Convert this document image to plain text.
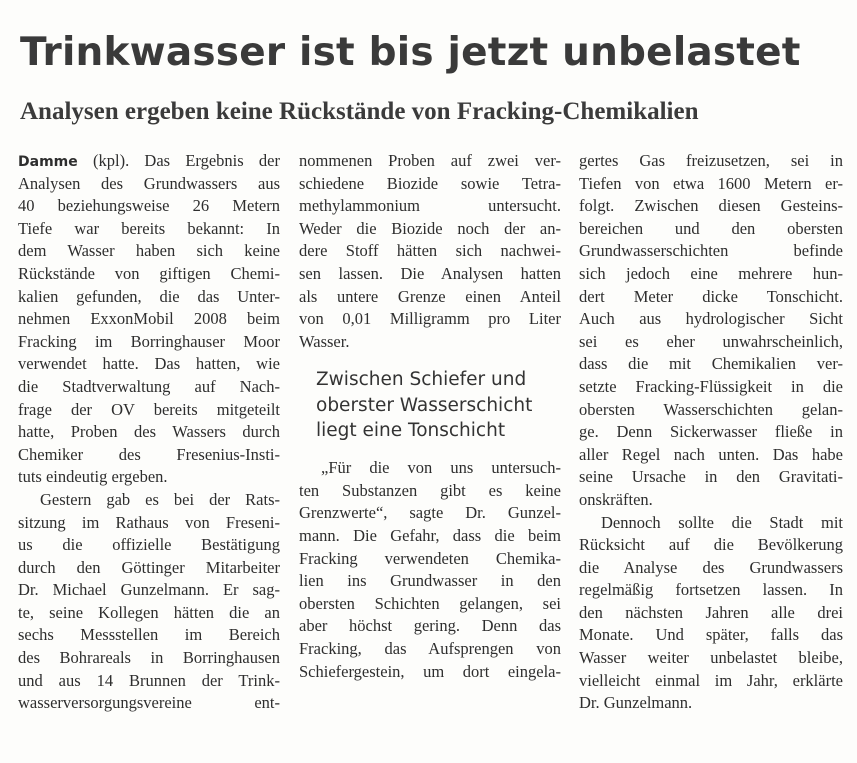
Trinkwasser ist bis jetzt unbelastet
Analysen ergeben keine Rückstände von Fracking-Chemikalien
Damme (kpl). Das Ergebnis der
Analysen des Grundwassers aus
40 beziehungsweise 26 Metern
Tiefe war bereits bekannt: In
dem Wasser haben sich keine
Rückstände von giftigen Chemi-
kalien gefunden, die das Unter-
nehmen ExxonMobil 2008 beim
Fracking im Borringhauser Moor
verwendet hatte. Das hatten, wie
die Stadtverwaltung auf Nach-
frage der OV bereits mitgeteilt
hatte, Proben des Wassers durch
Chemiker des Fresenius-Insti-
tuts eindeutig ergeben.
Gestern gab es bei der Rats-
sitzung im Rathaus von Freseni-
us die offizielle Bestätigung
durch den Göttinger Mitarbeiter
Dr. Michael Gunzelmann. Er sag-
te, seine Kollegen hätten die an
sechs Messstellen im Bereich
des Bohrareals in Borringhausen
und aus 14 Brunnen der Trink-
wasserversorgungsvereine ent-
nommenen Proben auf zwei ver-
schiedene Biozide sowie Tetra-
methylammonium untersucht.
Weder die Biozide noch der an-
dere Stoff hätten sich nachwei-
sen lassen. Die Analysen hatten
als untere Grenze einen Anteil
von 0,01 Milligramm pro Liter
Wasser.
Zwischen Schiefer und
oberster Wasserschicht
liegt eine Tonschicht
„Für die von uns untersuch-
ten Substanzen gibt es keine
Grenzwerte“, sagte Dr. Gunzel-
mann. Die Gefahr, dass die beim
Fracking verwendeten Chemika-
lien ins Grundwasser in den
obersten Schichten gelangen, sei
aber höchst gering. Denn das
Fracking, das Aufsprengen von
Schiefergestein, um dort eingela-
gertes Gas freizusetzen, sei in
Tiefen von etwa 1600 Metern er-
folgt. Zwischen diesen Gesteins-
bereichen und den obersten
Grundwasserschichten befinde
sich jedoch eine mehrere hun-
dert Meter dicke Tonschicht.
Auch aus hydrologischer Sicht
sei es eher unwahrscheinlich,
dass die mit Chemikalien ver-
setzte Fracking-Flüssigkeit in die
obersten Wasserschichten gelan-
ge. Denn Sickerwasser fließe in
aller Regel nach unten. Das habe
seine Ursache in den Gravitati-
onskräften.
Dennoch sollte die Stadt mit
Rücksicht auf die Bevölkerung
die Analyse des Grundwassers
regelmäßig fortsetzen lassen. In
den nächsten Jahren alle drei
Monate. Und später, falls das
Wasser weiter unbelastet bleibe,
vielleicht einmal im Jahr, erklärte
Dr. Gunzelmann.
